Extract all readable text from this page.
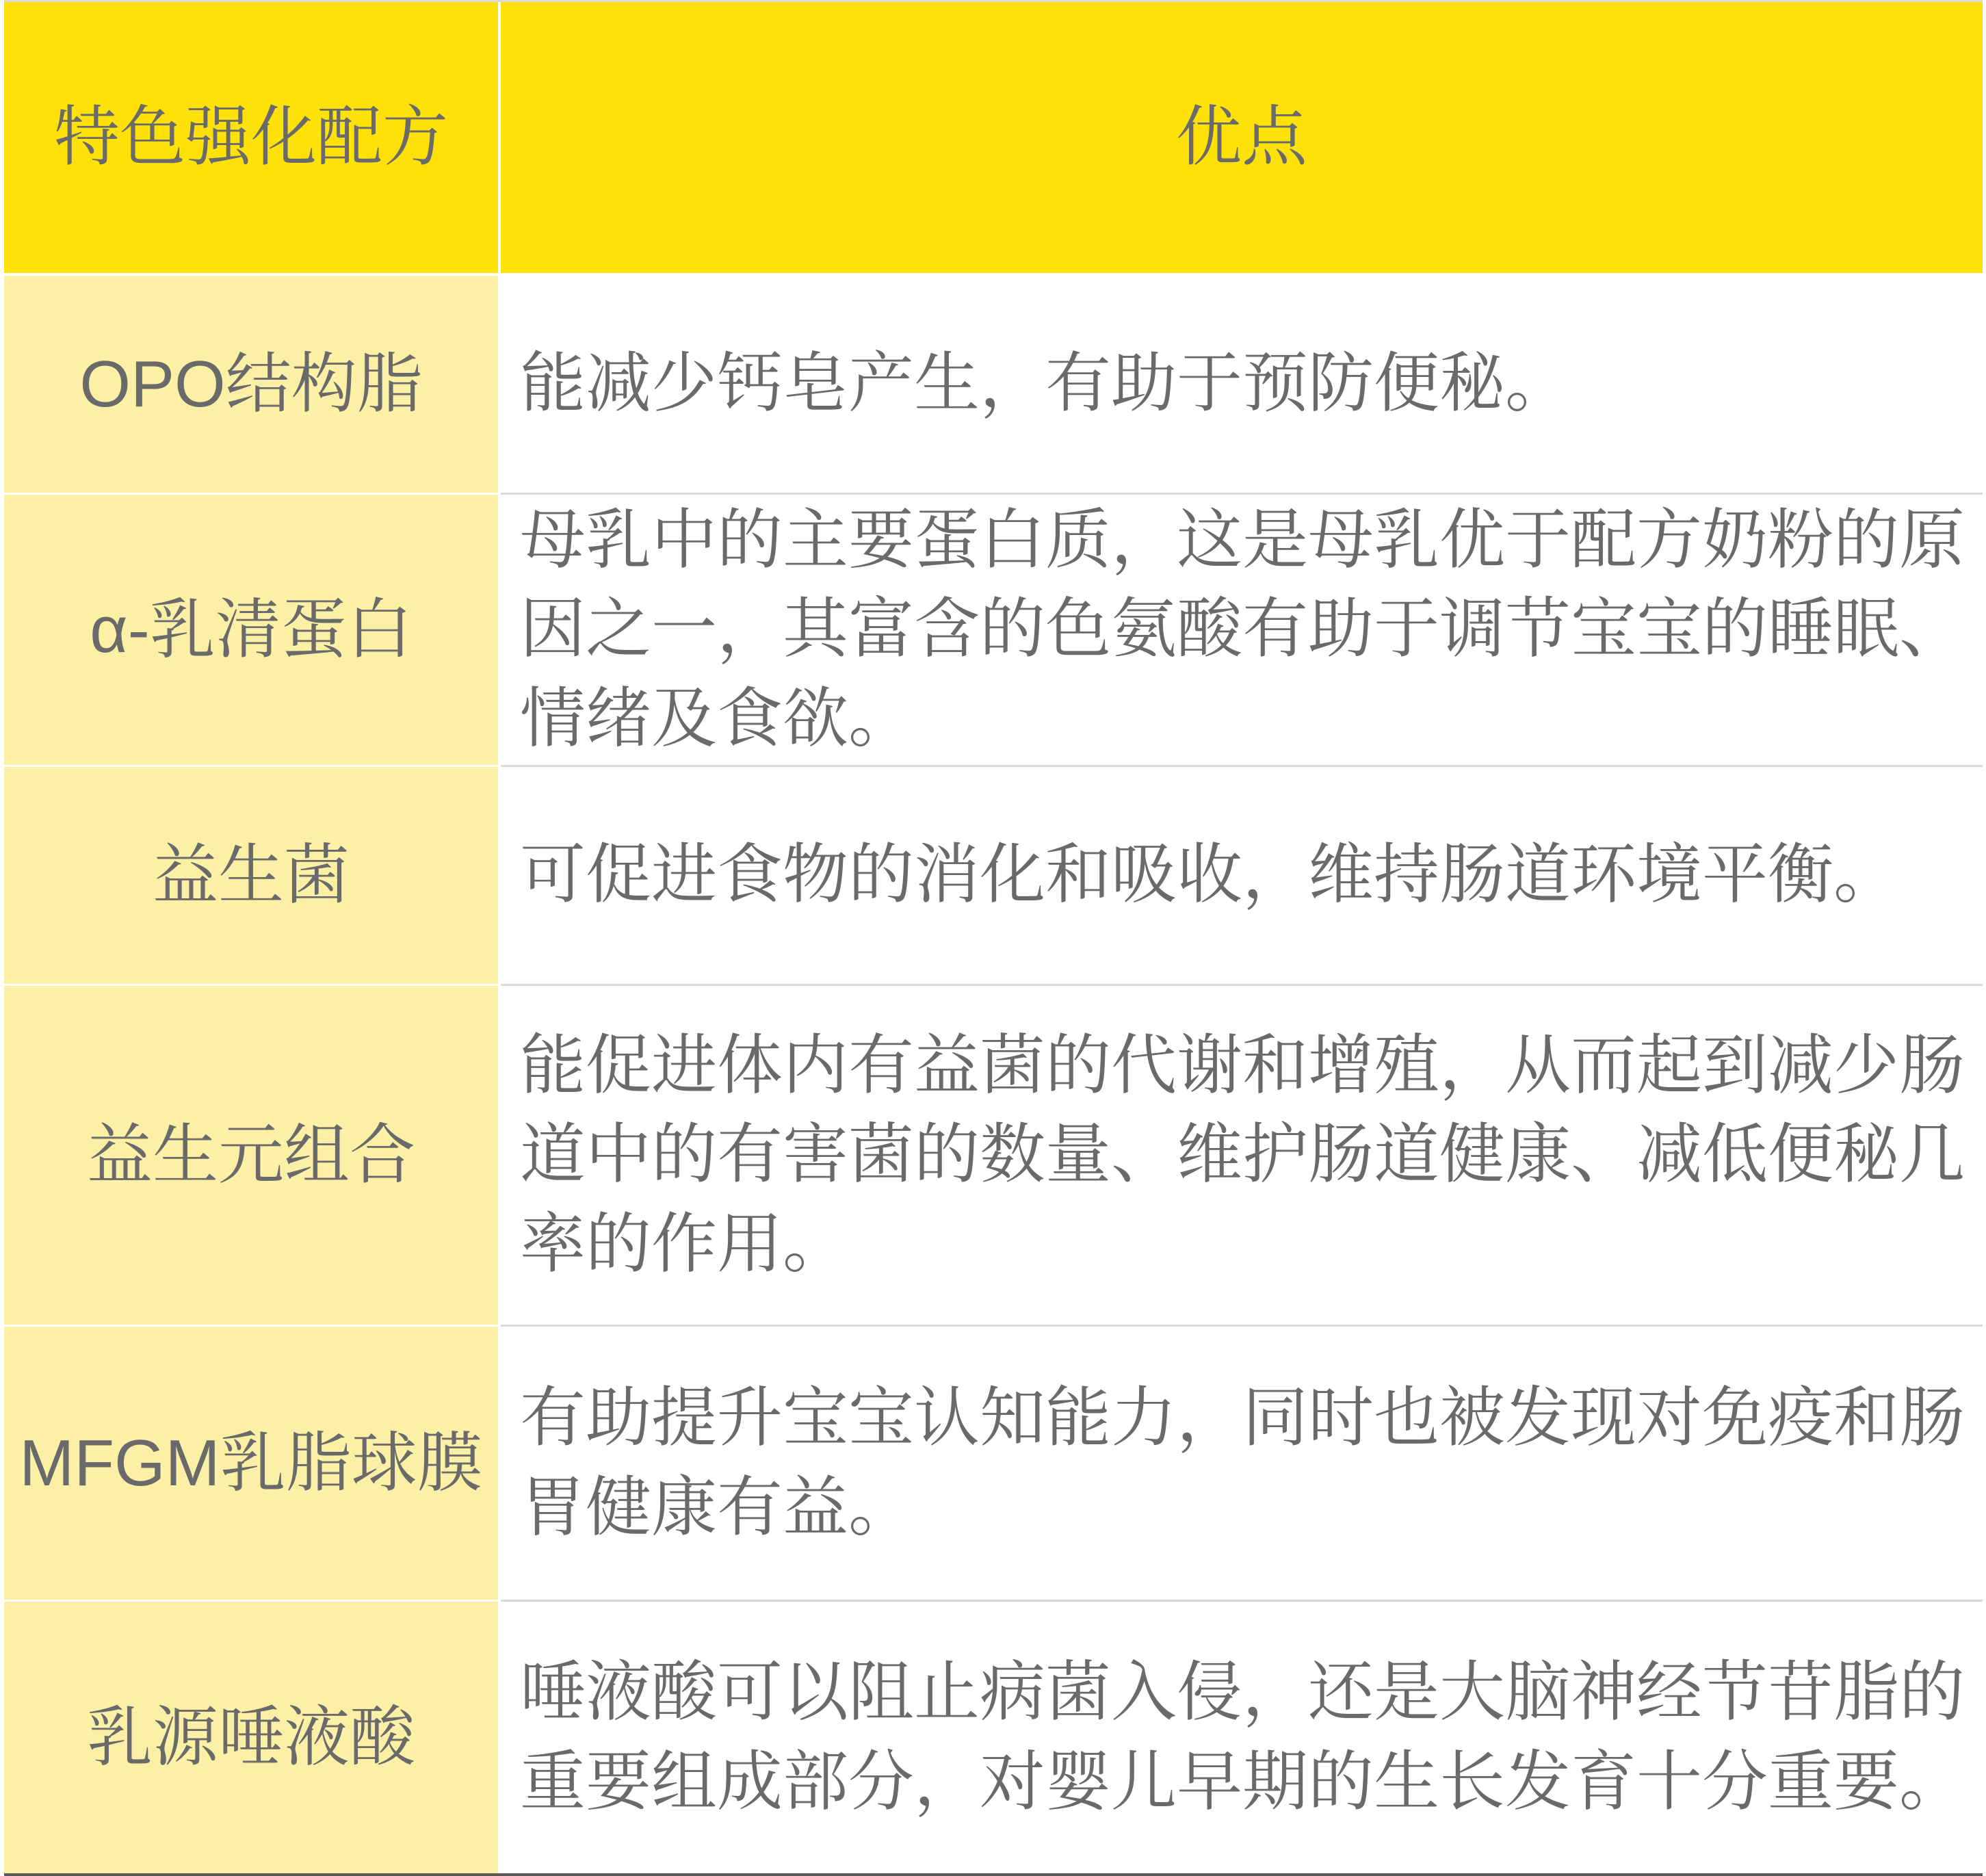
特色强化配方	优点
OPO结构脂 能减少钙皂产生，有助于预防便秘。
α-乳清蛋白
母乳中的主要蛋白质，这是母乳优于配方奶粉的原因之一，其富含的色氨酸有助于调节宝宝的睡眠、情绪及食欲。
益生菌	可促进食物的消化和吸收，维持肠道环境平衡。
益生元组合
能促进体内有益菌的代谢和增殖，从而起到减少肠道中的有害菌的数量、维护肠道健康、减低便秘几率的作用。
MFGM乳脂球膜
有助提升宝宝认知能力，同时也被发现对免疫和肠胃健康有益。
乳源唾液酸
唾液酸可以阻止病菌入侵，还是大脑神经节苷脂的重要组成部分，对婴儿早期的生长发育十分重要。
